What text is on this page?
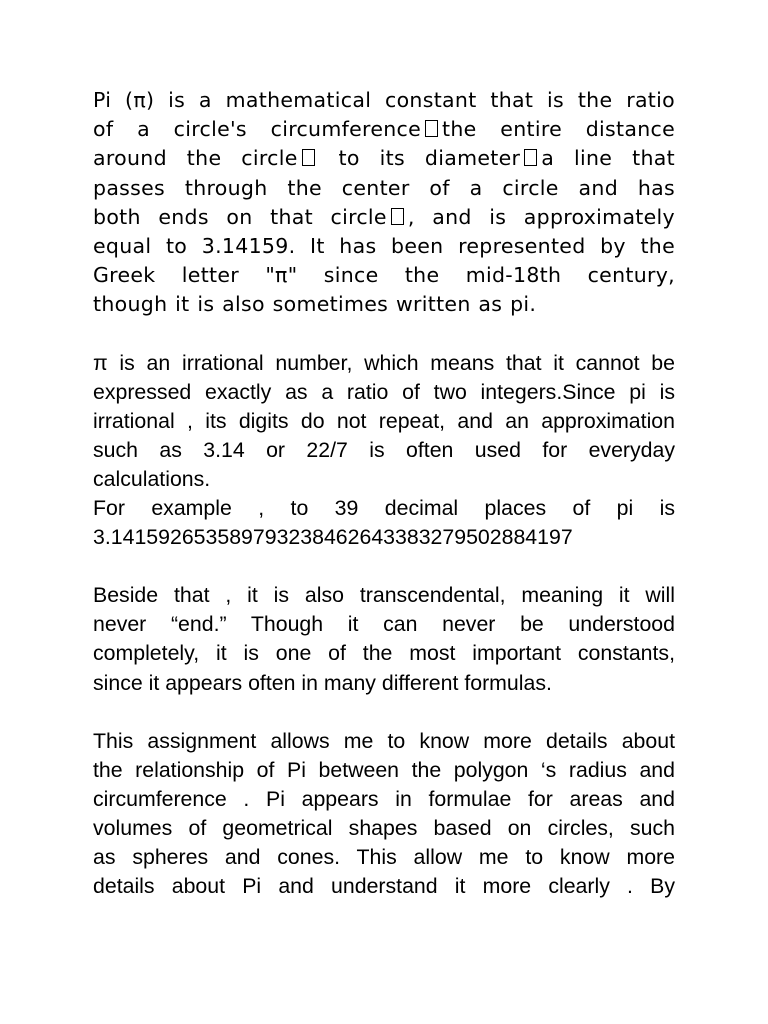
Pi (π) is a mathematical constant that is the ratio
of a circle's circumference the entire distance
around the circle to its diameter a line that
passes through the center of a circle and has
both ends on that circle , and is approximately
equal to 3.14159. It has been represented by the
Greek letter "π" since the mid-18th century,
though it is also sometimes written as pi.
π is an irrational number, which means that it cannot be
expressed exactly as a ratio of two integers.Since pi is
irrational , its digits do not repeat, and an approximation
such as 3.14 or 22/7 is often used for everyday
calculations.
For example , to 39 decimal places of pi is
3.141592653589793238462643383279502884197
Beside that , it is also transcendental, meaning it will
never “end.” Though it can never be understood
completely, it is one of the most important constants,
since it appears often in many different formulas.
This assignment allows me to know more details about
the relationship of Pi between the polygon ‘s radius and
circumference . Pi appears in formulae for areas and
volumes of geometrical shapes based on circles, such
as spheres and cones. This allow me to know more
details about Pi and understand it more clearly . By
